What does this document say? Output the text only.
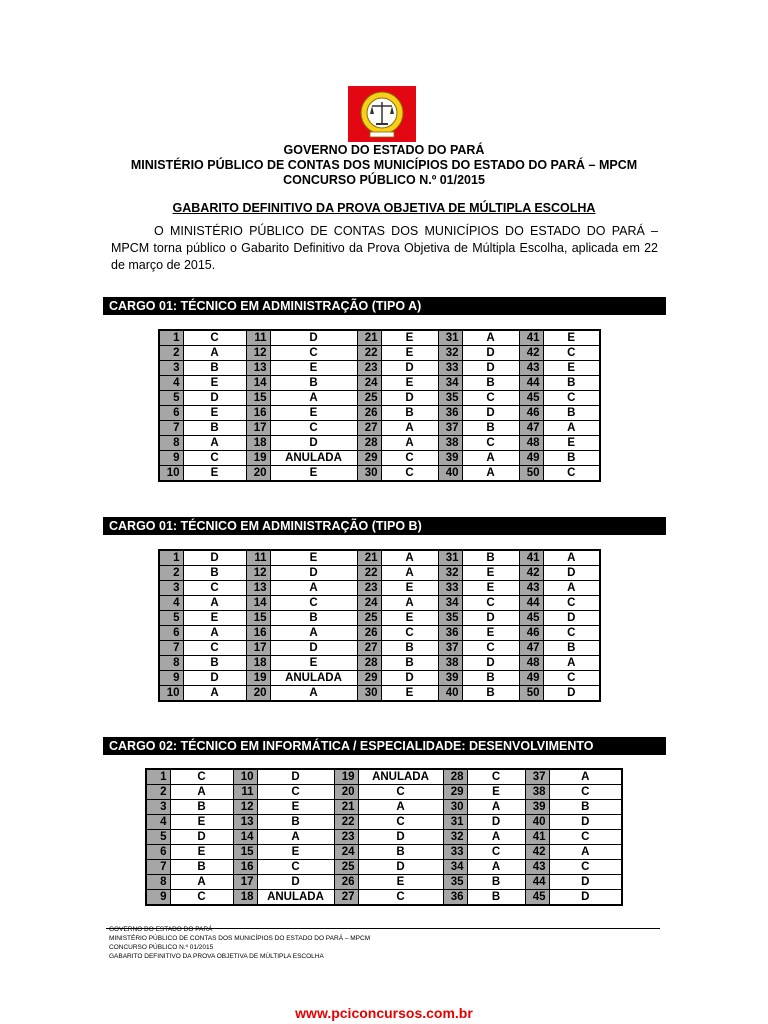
GOVERNO DO ESTADO DO PARÁ
MINISTÉRIO PÚBLICO DE CONTAS DOS MUNICÍPIOS DO ESTADO DO PARÁ – MPCM
CONCURSO PÚBLICO N.º 01/2015
GABARITO DEFINITIVO DA PROVA OBJETIVA DE MÚLTIPLA ESCOLHA
O MINISTÉRIO PÚBLICO DE CONTAS DOS MUNICÍPIOS DO ESTADO DO PARÁ – MPCM torna público o Gabarito Definitivo da Prova Objetiva de Múltipla Escolha, aplicada em 22 de março de 2015.
CARGO 01: TÉCNICO EM ADMINISTRAÇÃO (TIPO A)
1	C	11	D	21	E	31	A	41	E
2	A	12	C	22	E	32	D	42	C
3	B	13	E	23	D	33	D	43	E
4	E	14	B	24	E	34	B	44	B
5	D	15	A	25	D	35	C	45	C
6	E	16	E	26	B	36	D	46	B
7	B	17	C	27	A	37	B	47	A
8	A	18	D	28	A	38	C	48	E
9	C	19	ANULADA	29	C	39	A	49	B
10	E	20	E	30	C	40	A	50	C
CARGO 01: TÉCNICO EM ADMINISTRAÇÃO (TIPO B)
1	D	11	E	21	A	31	B	41	A
2	B	12	D	22	A	32	E	42	D
3	C	13	A	23	E	33	E	43	A
4	A	14	C	24	A	34	C	44	C
5	E	15	B	25	E	35	D	45	D
6	A	16	A	26	C	36	E	46	C
7	C	17	D	27	B	37	C	47	B
8	B	18	E	28	B	38	D	48	A
9	D	19	ANULADA	29	D	39	B	49	C
10	A	20	A	30	E	40	B	50	D
CARGO 02: TÉCNICO EM INFORMÁTICA / ESPECIALIDADE: DESENVOLVIMENTO
1	C	10	D	19	ANULADA	28	C	37	A
2	A	11	C	20	C	29	E	38	C
3	B	12	E	21	A	30	A	39	B
4	E	13	B	22	C	31	D	40	D
5	D	14	A	23	D	32	A	41	C
6	E	15	E	24	B	33	C	42	A
7	B	16	C	25	D	34	A	43	C
8	A	17	D	26	E	35	B	44	D
9	C	18	ANULADA	27	C	36	B	45	D
GOVERNO DO ESTADO DO PARÁ
MINISTÉRIO PÚBLICO DE CONTAS DOS MUNICÍPIOS DO ESTADO DO PARÁ – MPCM
CONCURSO PÚBLICO N.º 01/2015
GABARITO DEFINITIVO DA PROVA OBJETIVA DE MÚLTIPLA ESCOLHA
www.pciconcursos.com.br
